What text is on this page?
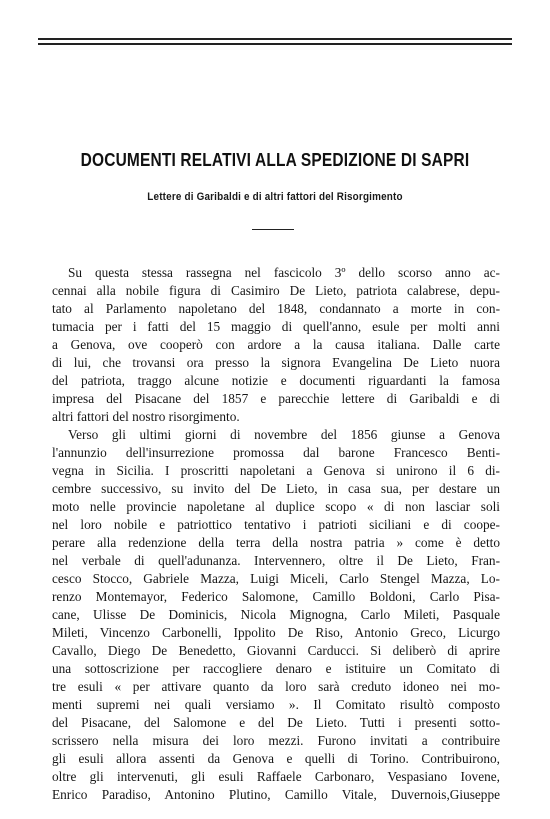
DOCUMENTI RELATIVI ALLA SPEDIZIONE DI SAPRI
Lettere di Garibaldi e di altri fattori del Risorgimento
Su questa stessa rassegna nel fascicolo 3º dello scorso anno ac-
cennai alla nobile figura di Casimiro De Lieto, patriota calabrese, depu-
tato al Parlamento napoletano del 1848, condannato a morte in con-
tumacia per i fatti del 15 maggio di quell'anno, esule per molti anni
a Genova, ove cooperò con ardore a la causa italiana. Dalle carte
di lui, che trovansi ora presso la signora Evangelina De Lieto nuora
del patriota, traggo alcune notizie e documenti riguardanti la famosa
impresa del Pisacane del 1857 e parecchie lettere di Garibaldi e di
altri fattori del nostro risorgimento.
Verso gli ultimi giorni di novembre del 1856 giunse a Genova
l'annunzio dell'insurrezione promossa dal barone Francesco Benti-
vegna in Sicilia. I proscritti napoletani a Genova si unirono il 6 di-
cembre successivo, su invito del De Lieto, in casa sua, per destare un
moto nelle provincie napoletane al duplice scopo « di non lasciar soli
nel loro nobile e patriottico tentativo i patrioti siciliani e di coope-
perare alla redenzione della terra della nostra patria » come è detto
nel verbale di quell'adunanza. Intervennero, oltre il De Lieto, Fran-
cesco Stocco, Gabriele Mazza, Luigi Miceli, Carlo Stengel Mazza, Lo-
renzo Montemayor, Federico Salomone, Camillo Boldoni, Carlo Pisa-
cane, Ulisse De Dominicis, Nicola Mignogna, Carlo Mileti, Pasquale
Mileti, Vincenzo Carbonelli, Ippolito De Riso, Antonio Greco, Licurgo
Cavallo, Diego De Benedetto, Giovanni Carducci. Si deliberò di aprire
una sottoscrizione per raccogliere denaro e istituire un Comitato di
tre esuli « per attivare quanto da loro sarà creduto idoneo nei mo-
menti supremi nei quali versiamo ». Il Comitato risultò composto
del Pisacane, del Salomone e del De Lieto. Tutti i presenti sotto-
scrissero nella misura dei loro mezzi. Furono invitati a contribuire
gli esuli allora assenti da Genova e quelli di Torino. Contribuirono,
oltre gli intervenuti, gli esuli Raffaele Carbonaro, Vespasiano Iovene,
Enrico Paradiso, Antonino Plutino, Camillo Vitale, Duvernois,Giuseppe
